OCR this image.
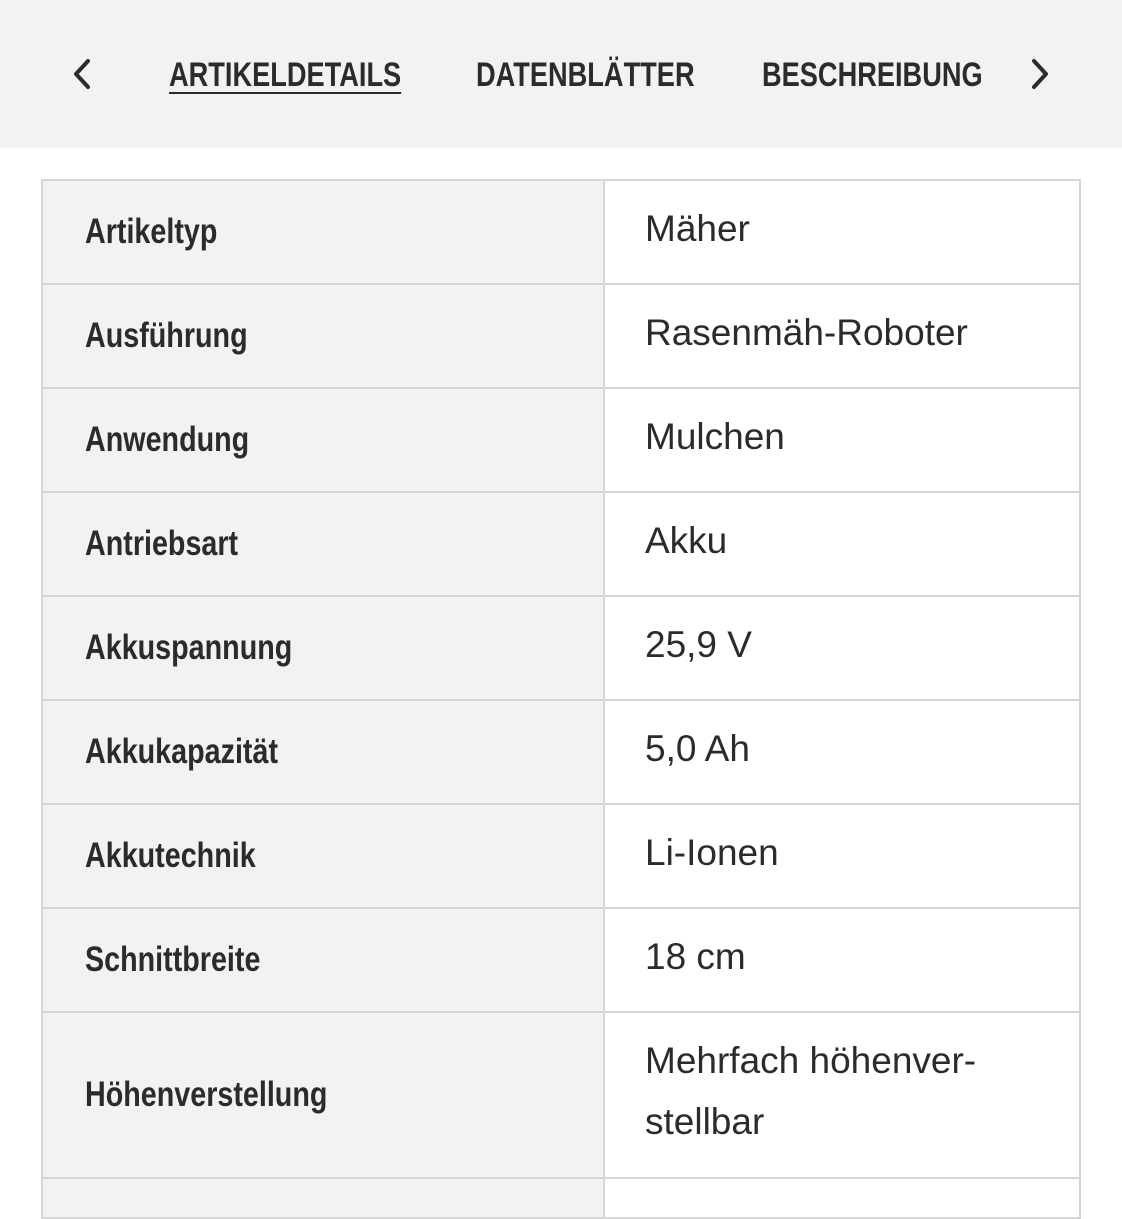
ARTIKELDETAILS DATENBLÄTTER BESCHREIBUNG
Artikeltyp	Mäher

Ausführung	Rasenmäh-Roboter

Anwendung	Mulchen

Antriebsart	Akku

Akkuspannung	25,9 V

Akkukapazität	5,0 Ah

Akkutechnik	Li-Ionen

Schnittbreite	18 cm

Höhenverstellung	Mehrfach höhenver-
stellbar
